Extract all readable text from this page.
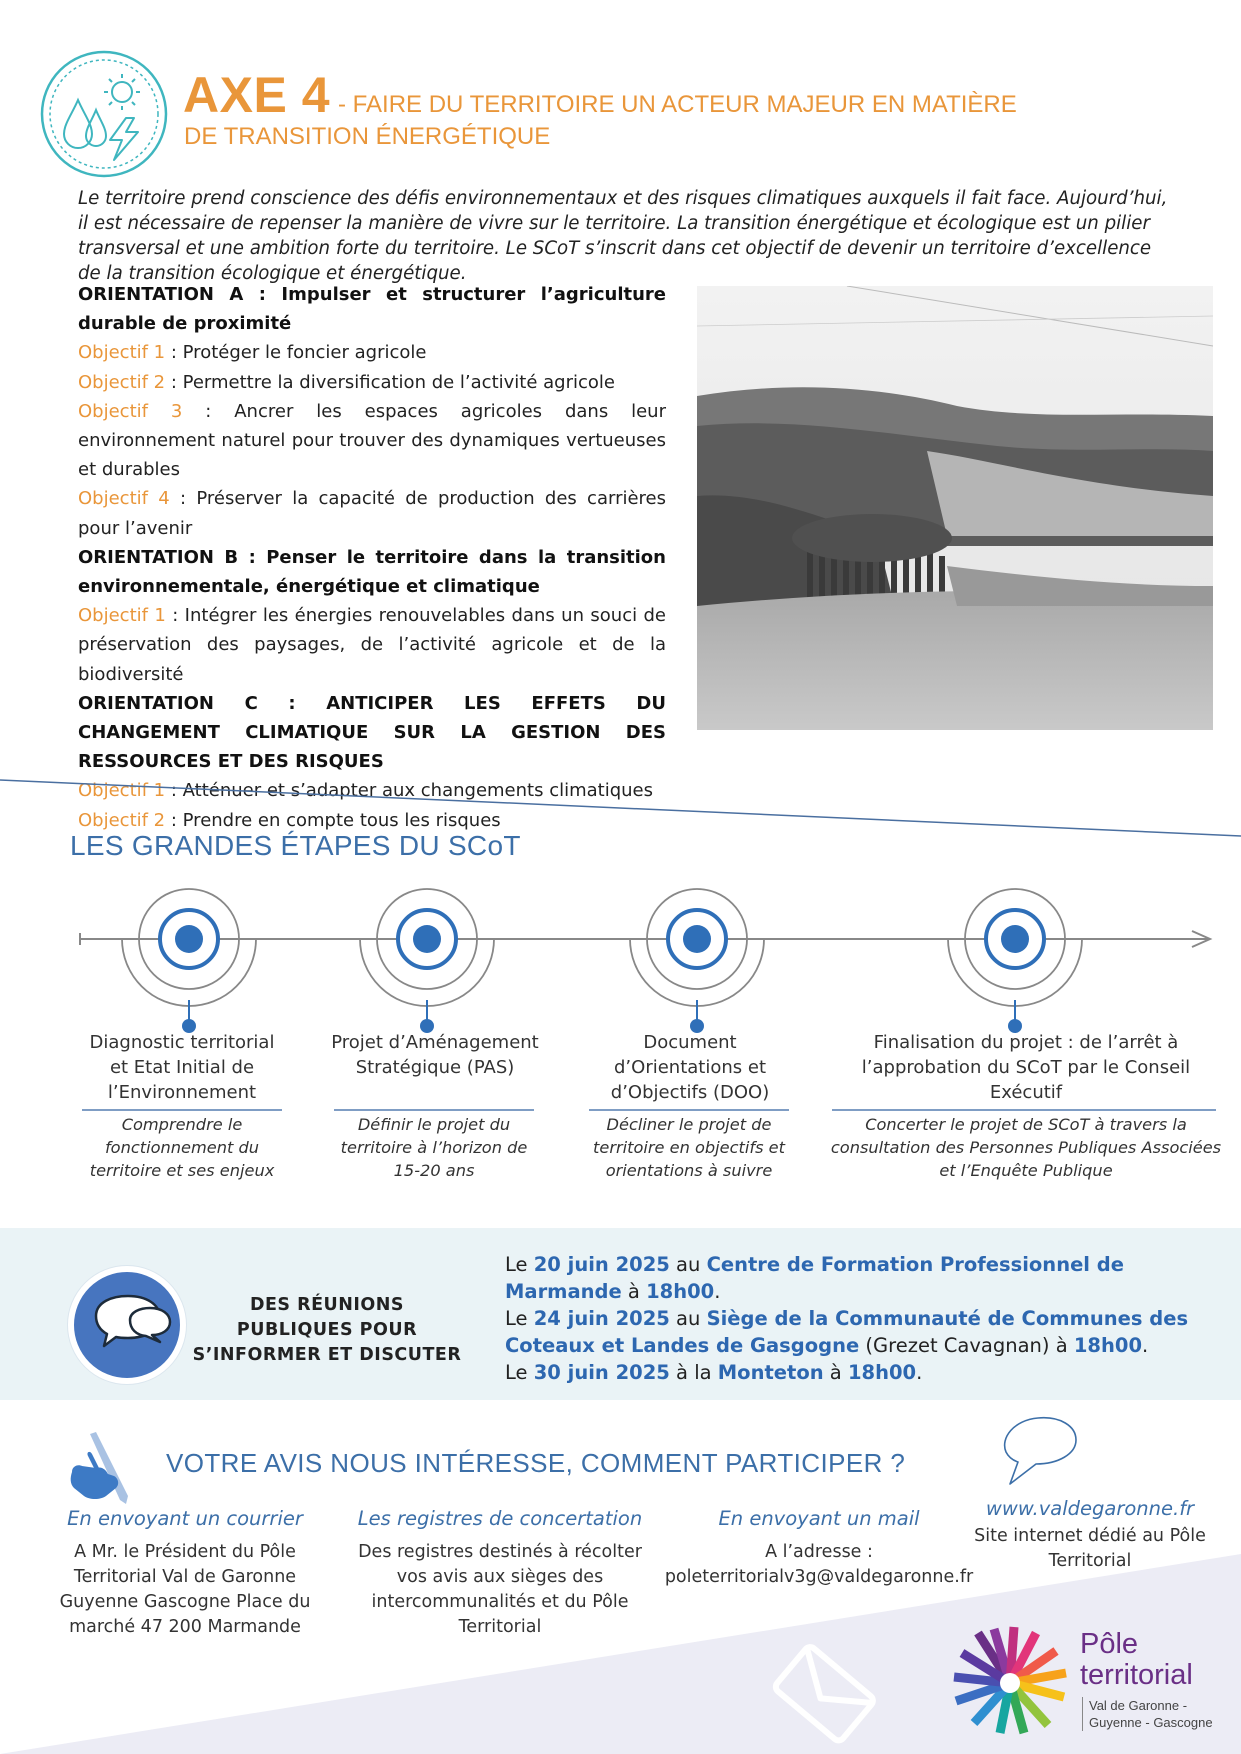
AXE 4 - FAIRE DU TERRITOIRE UN ACTEUR MAJEUR EN MATIÈRE
DE TRANSITION ÉNERGÉTIQUE
Le territoire prend conscience des défis environnementaux et des risques climatiques auxquels il fait face. Aujourd’hui, il est nécessaire de repenser la manière de vivre sur le territoire. La transition énergétique et écologique est un pilier transversal et une ambition forte du territoire. Le SCoT s’inscrit dans cet objectif de devenir un territoire d’excellence de la transition écologique et énergétique.

ORIENTATION A : Impulser et structurer l’agriculture durable de proximité

Objectif 1 : Protéger le foncier agricole

Objectif 2 : Permettre la diversification de l’activité agricole

Objectif 3 : Ancrer les espaces agricoles dans leur environnement naturel pour trouver des dynamiques vertueuses et durables

Objectif 4 : Préserver la capacité de production des carrières pour l’avenir

ORIENTATION B : Penser le territoire dans la transition environnementale, énergétique et climatique

Objectif 1 : Intégrer les énergies renouvelables dans un souci de préservation des paysages, de l’activité agricole et de la biodiversité

ORIENTATION C : ANTICIPER LES EFFETS DU CHANGEMENT CLIMATIQUE SUR LA GESTION DES RESSOURCES ET DES RISQUES

Objectif 1 : Atténuer et s’adapter aux changements climatiques

Objectif 2 : Prendre en compte tous les risques

LES GRANDES ÉTAPES DU SCoT
Diagnostic territorial et Etat Initial de l’Environnement
Comprendre le fonctionnement du territoire et ses enjeux
Projet d’Aménagement Stratégique (PAS)
Définir le projet du territoire à l’horizon de 15-20 ans
Document d’Orientations et d’Objectifs (DOO)
Décliner le projet de territoire en objectifs et orientations à suivre
Finalisation du projet : de l’arrêt à l’approbation du SCoT par le Conseil Exécutif
Concerter le projet de SCoT à travers la consultation des Personnes Publiques Associées et l’Enquête Publique
DES RÉUNIONS PUBLIQUES POUR S’INFORMER ET DISCUTER
Le 20 juin 2025 au Centre de Formation Professionnel de Marmande à 18h00.
Le 24 juin 2025 au Siège de la Communauté de Communes des Coteaux et Landes de Gasgogne (Grezet Cavagnan) à 18h00.
Le 30 juin 2025 à la Monteton à 18h00.
VOTRE AVIS NOUS INTÉRESSE, COMMENT PARTICIPER ?
En envoyant un courrier
A Mr. le Président du Pôle Territorial Val de Garonne Guyenne Gascogne Place du marché 47 200 Marmande
Les registres de concertation
Des registres destinés à récolter vos avis aux sièges des intercommunalités et du Pôle Territorial
En envoyant un mail
A l’adresse : poleterritorialv3g@valdegaronne.fr
www.valdegaronne.fr
Site internet dédié au Pôle Territorial
Pôle
territorial
Val de Garonne -
Guyenne - Gascogne
